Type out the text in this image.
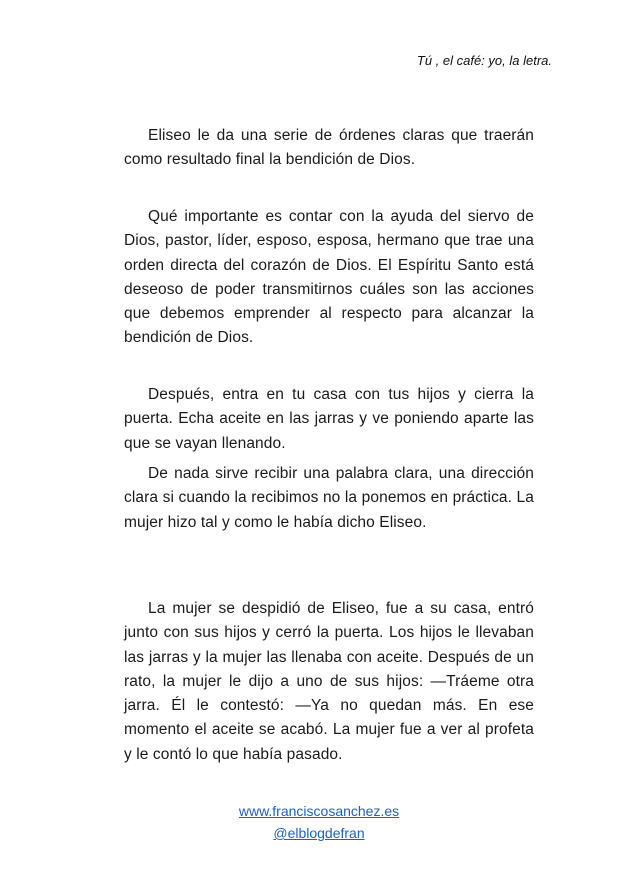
Tú , el café: yo, la letra.

Eliseo le da una serie de órdenes claras que traerán como resultado final la bendición de Dios.

Qué importante es contar con la ayuda del siervo de Dios, pastor, líder, esposo, esposa, hermano que trae una orden directa del corazón de Dios. El Espíritu Santo está deseoso de poder transmitirnos cuáles son las acciones que debemos emprender al respecto para alcanzar la bendición de Dios.

Después, entra en tu casa con tus hijos y cierra la puerta. Echa aceite en las jarras y ve poniendo aparte las que se vayan llenando.

De nada sirve recibir una palabra clara, una dirección clara si cuando la recibimos no la ponemos en práctica. La mujer hizo tal y como le había dicho Eliseo.

La mujer se despidió de Eliseo, fue a su casa, entró junto con sus hijos y cerró la puerta. Los hijos le llevaban las jarras y la mujer las llenaba con aceite. Después de un rato, la mujer le dijo a uno de sus hijos: —Tráeme otra jarra. Él le contestó: —Ya no quedan más. En ese momento el aceite se acabó. La mujer fue a ver al profeta y le contó lo que había pasado.

www.franciscosanchez.es
@elblogdefran
